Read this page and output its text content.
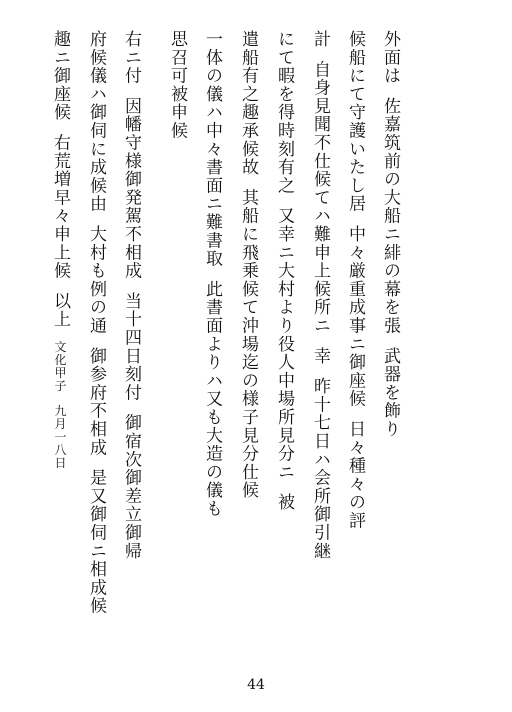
外面は佐嘉筑前の大船ニ緋の幕を張武器を飾り
候船にて守護いたし居中々厳重成事ニ御座候日々種々の評
計自身見聞不仕候てハ難申上候所ニ幸昨十七日ハ会所御引継
にて暇を得時刻有之又幸ニ大村より役人中場所見分ニ被
遣船有之趣承候故其船に飛乗候て沖場迄の様子見分仕候
一体の儀ハ中々書面ニ難書取此書面よりハ又も大造の儀も
思召可被申候
右ニ付因幡守様御発駕不相成当十四日刻付御宿次御差立御帰
府候儀ハ御伺に成候由大村も例の通御参府不相成是又御伺ニ相成候
趣ニ御座候右荒増早々申上候以上文化甲子九月一八日
44
